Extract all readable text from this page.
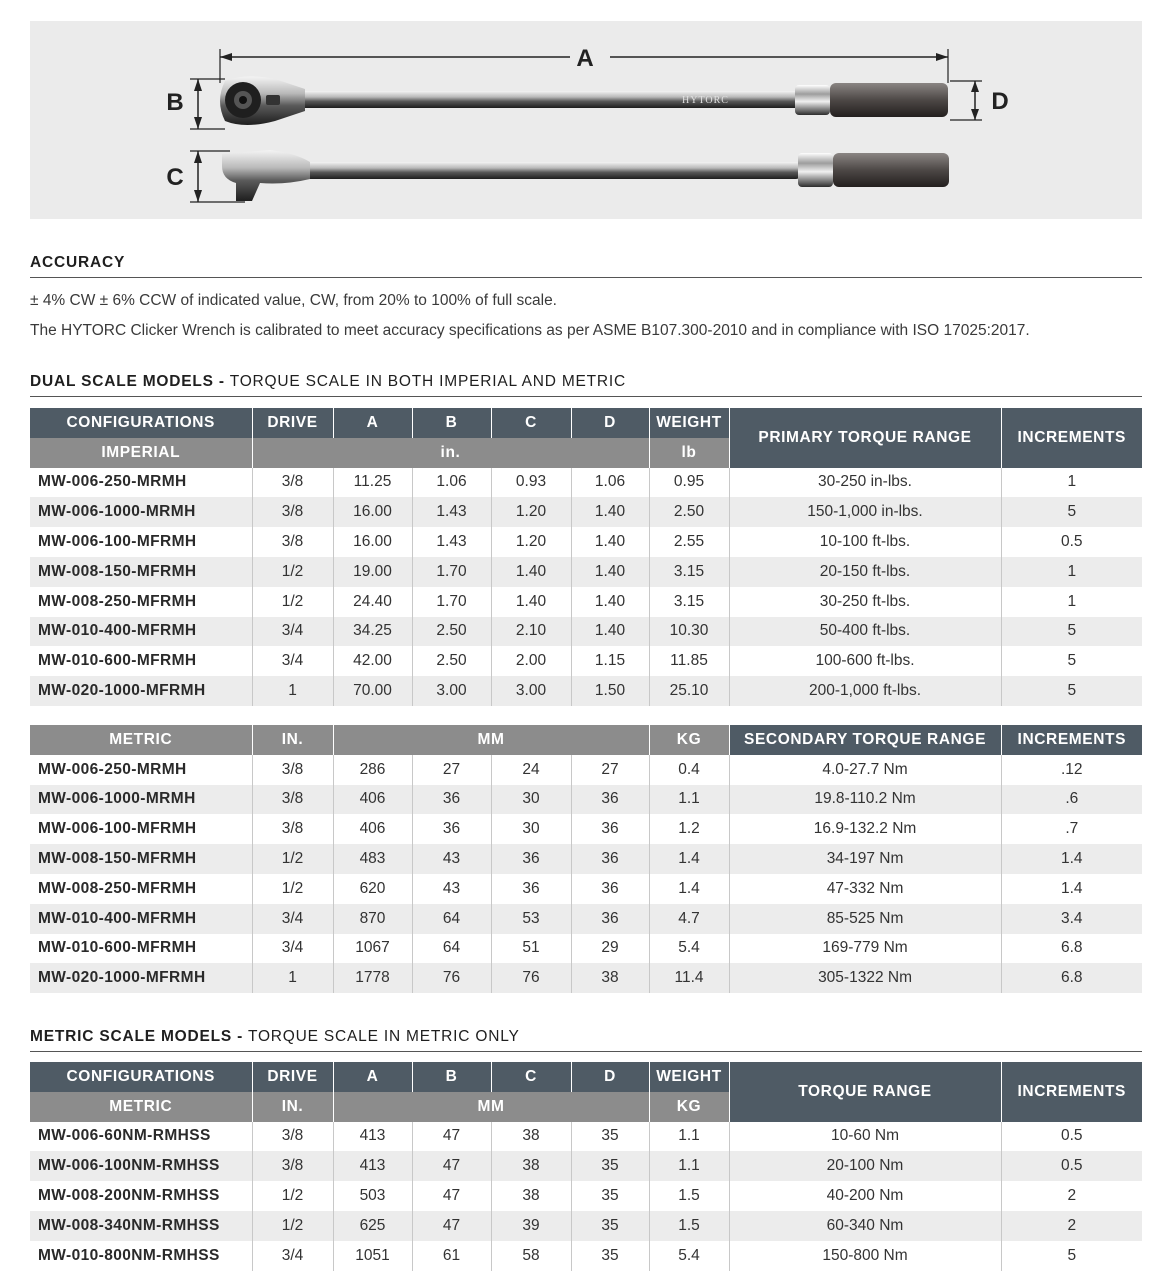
A
B
C
D
HYTORC
ACCURACY
± 4% CW ± 6% CCW of indicated value, CW, from 20% to 100% of full scale.
The HYTORC Clicker Wrench is calibrated to meet accuracy specifications as per ASME B107.300-2010 and in compliance with ISO 17025:2017.
DUAL SCALE MODELS - TORQUE SCALE IN BOTH IMPERIAL AND METRIC
CONFIGURATIONS	DRIVE	A	B	C	D	WEIGHT	PRIMARY TORQUE RANGE	INCREMENTS
IMPERIAL	in.					lb		
MW-006-250-MRMH	3/8	11.25	1.06	0.93	1.06	0.95	30-250 in-lbs.	1
MW-006-1000-MRMH	3/8	16.00	1.43	1.20	1.40	2.50	150-1,000 in-lbs.	5
MW-006-100-MFRMH	3/8	16.00	1.43	1.20	1.40	2.55	10-100 ft-lbs.	0.5
MW-008-150-MFRMH	1/2	19.00	1.70	1.40	1.40	3.15	20-150 ft-lbs.	1
MW-008-250-MFRMH	1/2	24.40	1.70	1.40	1.40	3.15	30-250 ft-lbs.	1
MW-010-400-MFRMH	3/4	34.25	2.50	2.10	1.40	10.30	50-400 ft-lbs.	5
MW-010-600-MFRMH	3/4	42.00	2.50	2.00	1.15	11.85	100-600 ft-lbs.	5
MW-020-1000-MFRMH	1	70.00	3.00	3.00	1.50	25.10	200-1,000 ft-lbs.	5
METRIC	IN.	MM				KG	SECONDARY TORQUE RANGE	INCREMENTS
MW-006-250-MRMH	3/8	286	27	24	27	0.4	4.0-27.7 Nm	.12
MW-006-1000-MRMH	3/8	406	36	30	36	1.1	19.8-110.2 Nm	.6
MW-006-100-MFRMH	3/8	406	36	30	36	1.2	16.9-132.2 Nm	.7
MW-008-150-MFRMH	1/2	483	43	36	36	1.4	34-197 Nm	1.4
MW-008-250-MFRMH	1/2	620	43	36	36	1.4	47-332 Nm	1.4
MW-010-400-MFRMH	3/4	870	64	53	36	4.7	85-525 Nm	3.4
MW-010-600-MFRMH	3/4	1067	64	51	29	5.4	169-779 Nm	6.8
MW-020-1000-MFRMH	1	1778	76	76	38	11.4	305-1322 Nm	6.8
METRIC SCALE MODELS - TORQUE SCALE IN METRIC ONLY
CONFIGURATIONS	DRIVE	A	B	C	D	WEIGHT	TORQUE RANGE	INCREMENTS
METRIC	IN.	MM				KG		
MW-006-60NM-RMHSS	3/8	413	47	38	35	1.1	10-60 Nm	0.5
MW-006-100NM-RMHSS	3/8	413	47	38	35	1.1	20-100 Nm	0.5
MW-008-200NM-RMHSS	1/2	503	47	38	35	1.5	40-200 Nm	2
MW-008-340NM-RMHSS	1/2	625	47	39	35	1.5	60-340 Nm	2
MW-010-800NM-RMHSS	3/4	1051	61	58	35	5.4	150-800 Nm	5
